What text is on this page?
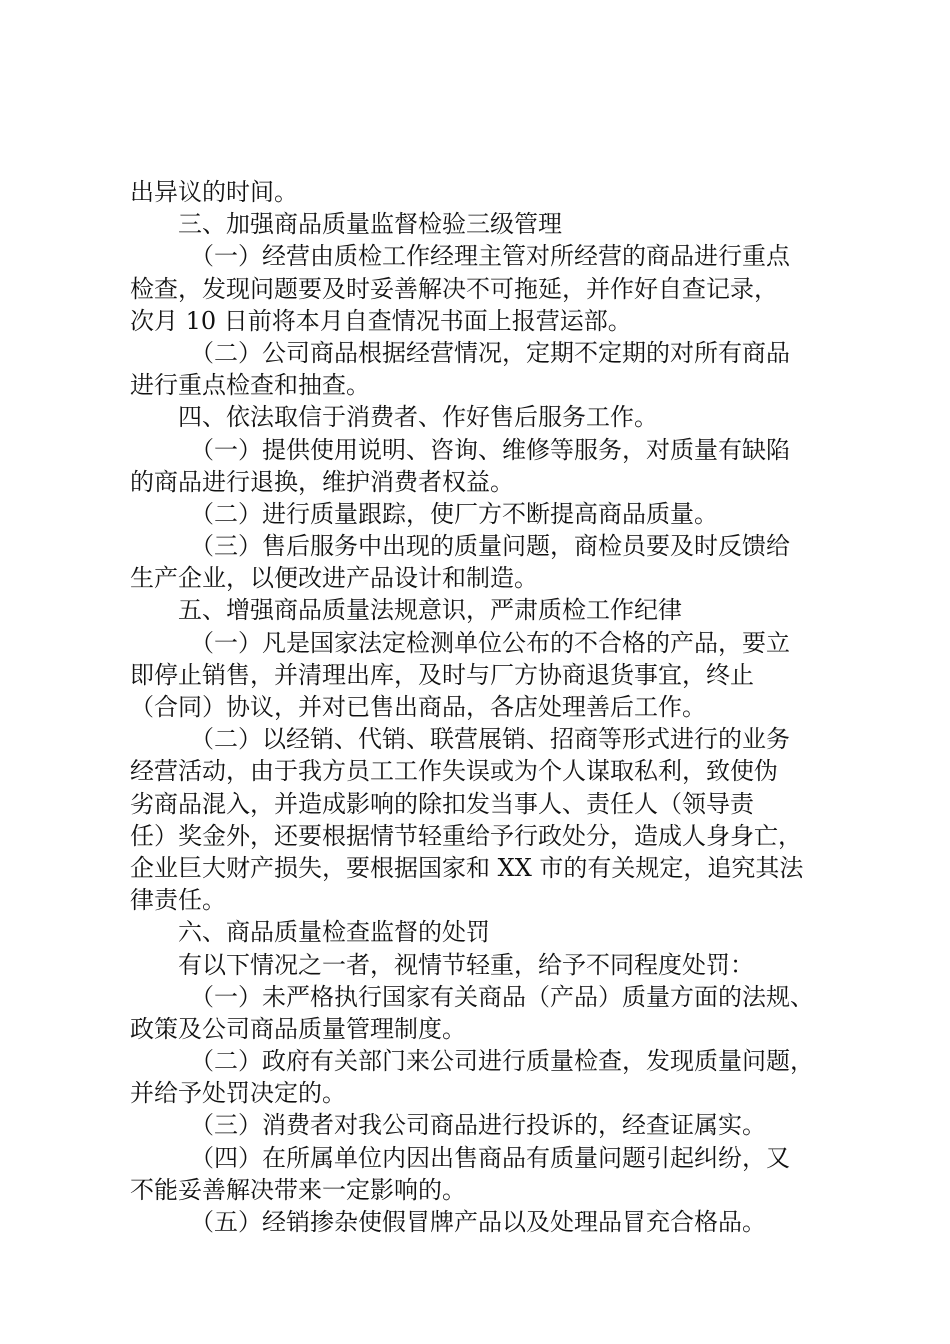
出异议的时间。
三、加强商品质量监督检验三级管理
（一）经营由质检工作经理主管对所经营的商品进行重点
检查，发现问题要及时妥善解决不可拖延，并作好自查记录，
次月 10 日前将本月自查情况书面上报营运部。
（二）公司商品根据经营情况，定期不定期的对所有商品
进行重点检查和抽查。
四、依法取信于消费者、作好售后服务工作。
（一）提供使用说明、咨询、维修等服务，对质量有缺陷
的商品进行退换，维护消费者权益。
（二）进行质量跟踪，使厂方不断提高商品质量。
（三）售后服务中出现的质量问题，商检员要及时反馈给
生产企业，以便改进产品设计和制造。
五、增强商品质量法规意识，严肃质检工作纪律
（一）凡是国家法定检测单位公布的不合格的产品，要立
即停止销售，并清理出库，及时与厂方协商退货事宜，终止
（合同）协议，并对已售出商品，各店处理善后工作。
（二）以经销、代销、联营展销、招商等形式进行的业务
经营活动，由于我方员工工作失误或为个人谋取私利，致使伪
劣商品混入，并造成影响的除扣发当事人、责任人（领导责
任）奖金外，还要根据情节轻重给予行政处分，造成人身身亡，
企业巨大财产损失，要根据国家和 XX 市的有关规定，追究其法
律责任。
六、商品质量检查监督的处罚
有以下情况之一者，视情节轻重，给予不同程度处罚：
（一）未严格执行国家有关商品（产品）质量方面的法规、
政策及公司商品质量管理制度。
（二）政府有关部门来公司进行质量检查，发现质量问题，
并给予处罚决定的。
（三）消费者对我公司商品进行投诉的，经查证属实。
（四）在所属单位内因出售商品有质量问题引起纠纷，又
不能妥善解决带来一定影响的。
（五）经销掺杂使假冒牌产品以及处理品冒充合格品。
